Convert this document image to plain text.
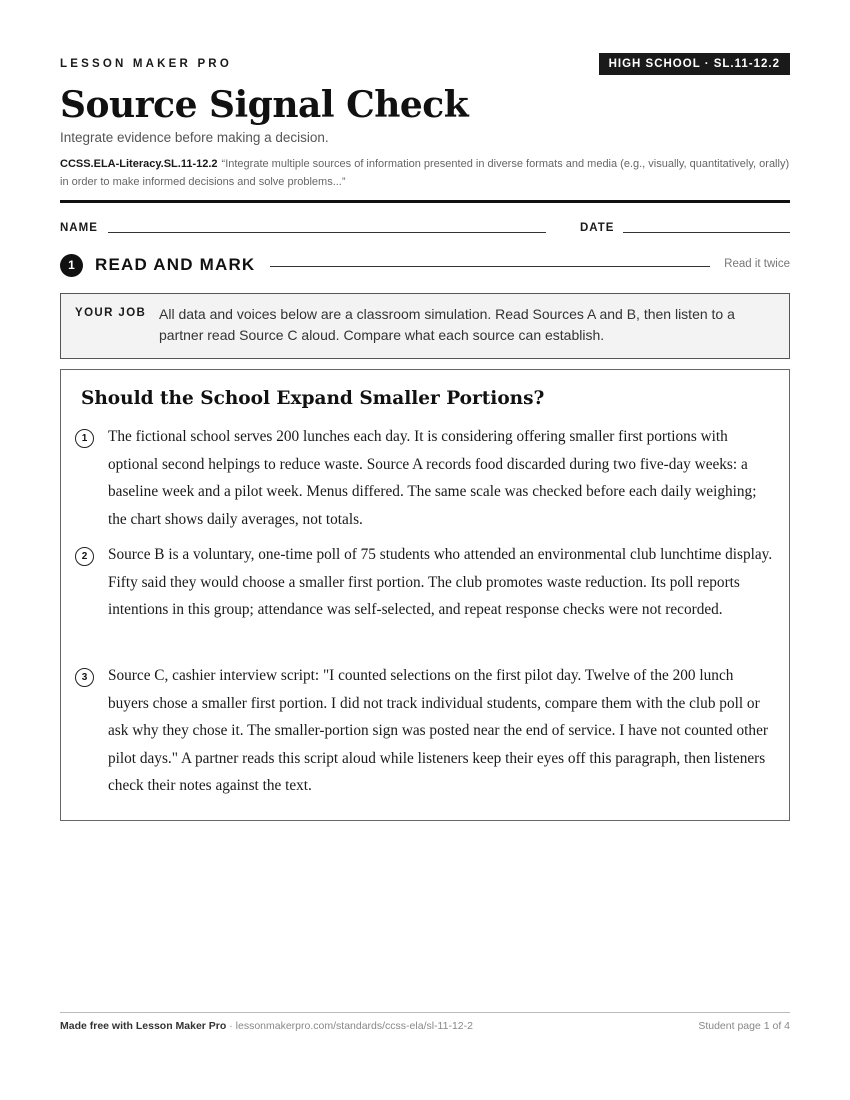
LESSON MAKER PRO	HIGH SCHOOL · SL.11-12.2
Source Signal Check
Integrate evidence before making a decision.
CCSS.ELA-Literacy.SL.11-12.2 “Integrate multiple sources of information presented in diverse formats and media (e.g., visually, quantitatively, orally) in order to make informed decisions and solve problems...”
NAME	DATE
1	READ AND MARK	Read it twice
YOUR JOB All data and voices below are a classroom simulation. Read Sources A and B, then listen to a partner read Source C aloud. Compare what each source can establish.
Should the School Expand Smaller Portions?
1	The fictional school serves 200 lunches each day. It is considering offering smaller first portions with optional second helpings to reduce waste. Source A records food discarded during two five-day weeks: a baseline week and a pilot week. Menus differed. The same scale was checked before each daily weighing; the chart shows daily averages, not totals.

2	Source B is a voluntary, one-time poll of 75 students who attended an environmental club lunchtime display. Fifty said they would choose a smaller first portion. The club promotes waste reduction. Its poll reports intentions in this group; attendance was self-selected, and repeat response checks were not recorded.

3	Source C, cashier interview script: "I counted selections on the first pilot day. Twelve of the 200 lunch buyers chose a smaller first portion. I did not track individual students, compare them with the club poll or ask why they chose it. The smaller-portion sign was posted near the end of service. I have not counted other pilot days." A partner reads this script aloud while listeners keep their eyes off this paragraph, then listeners check their notes against the text.

Made free with Lesson Maker Pro · lessonmakerpro.com/standards/ccss-ela/sl-11-12-2	Student page 1 of 4
